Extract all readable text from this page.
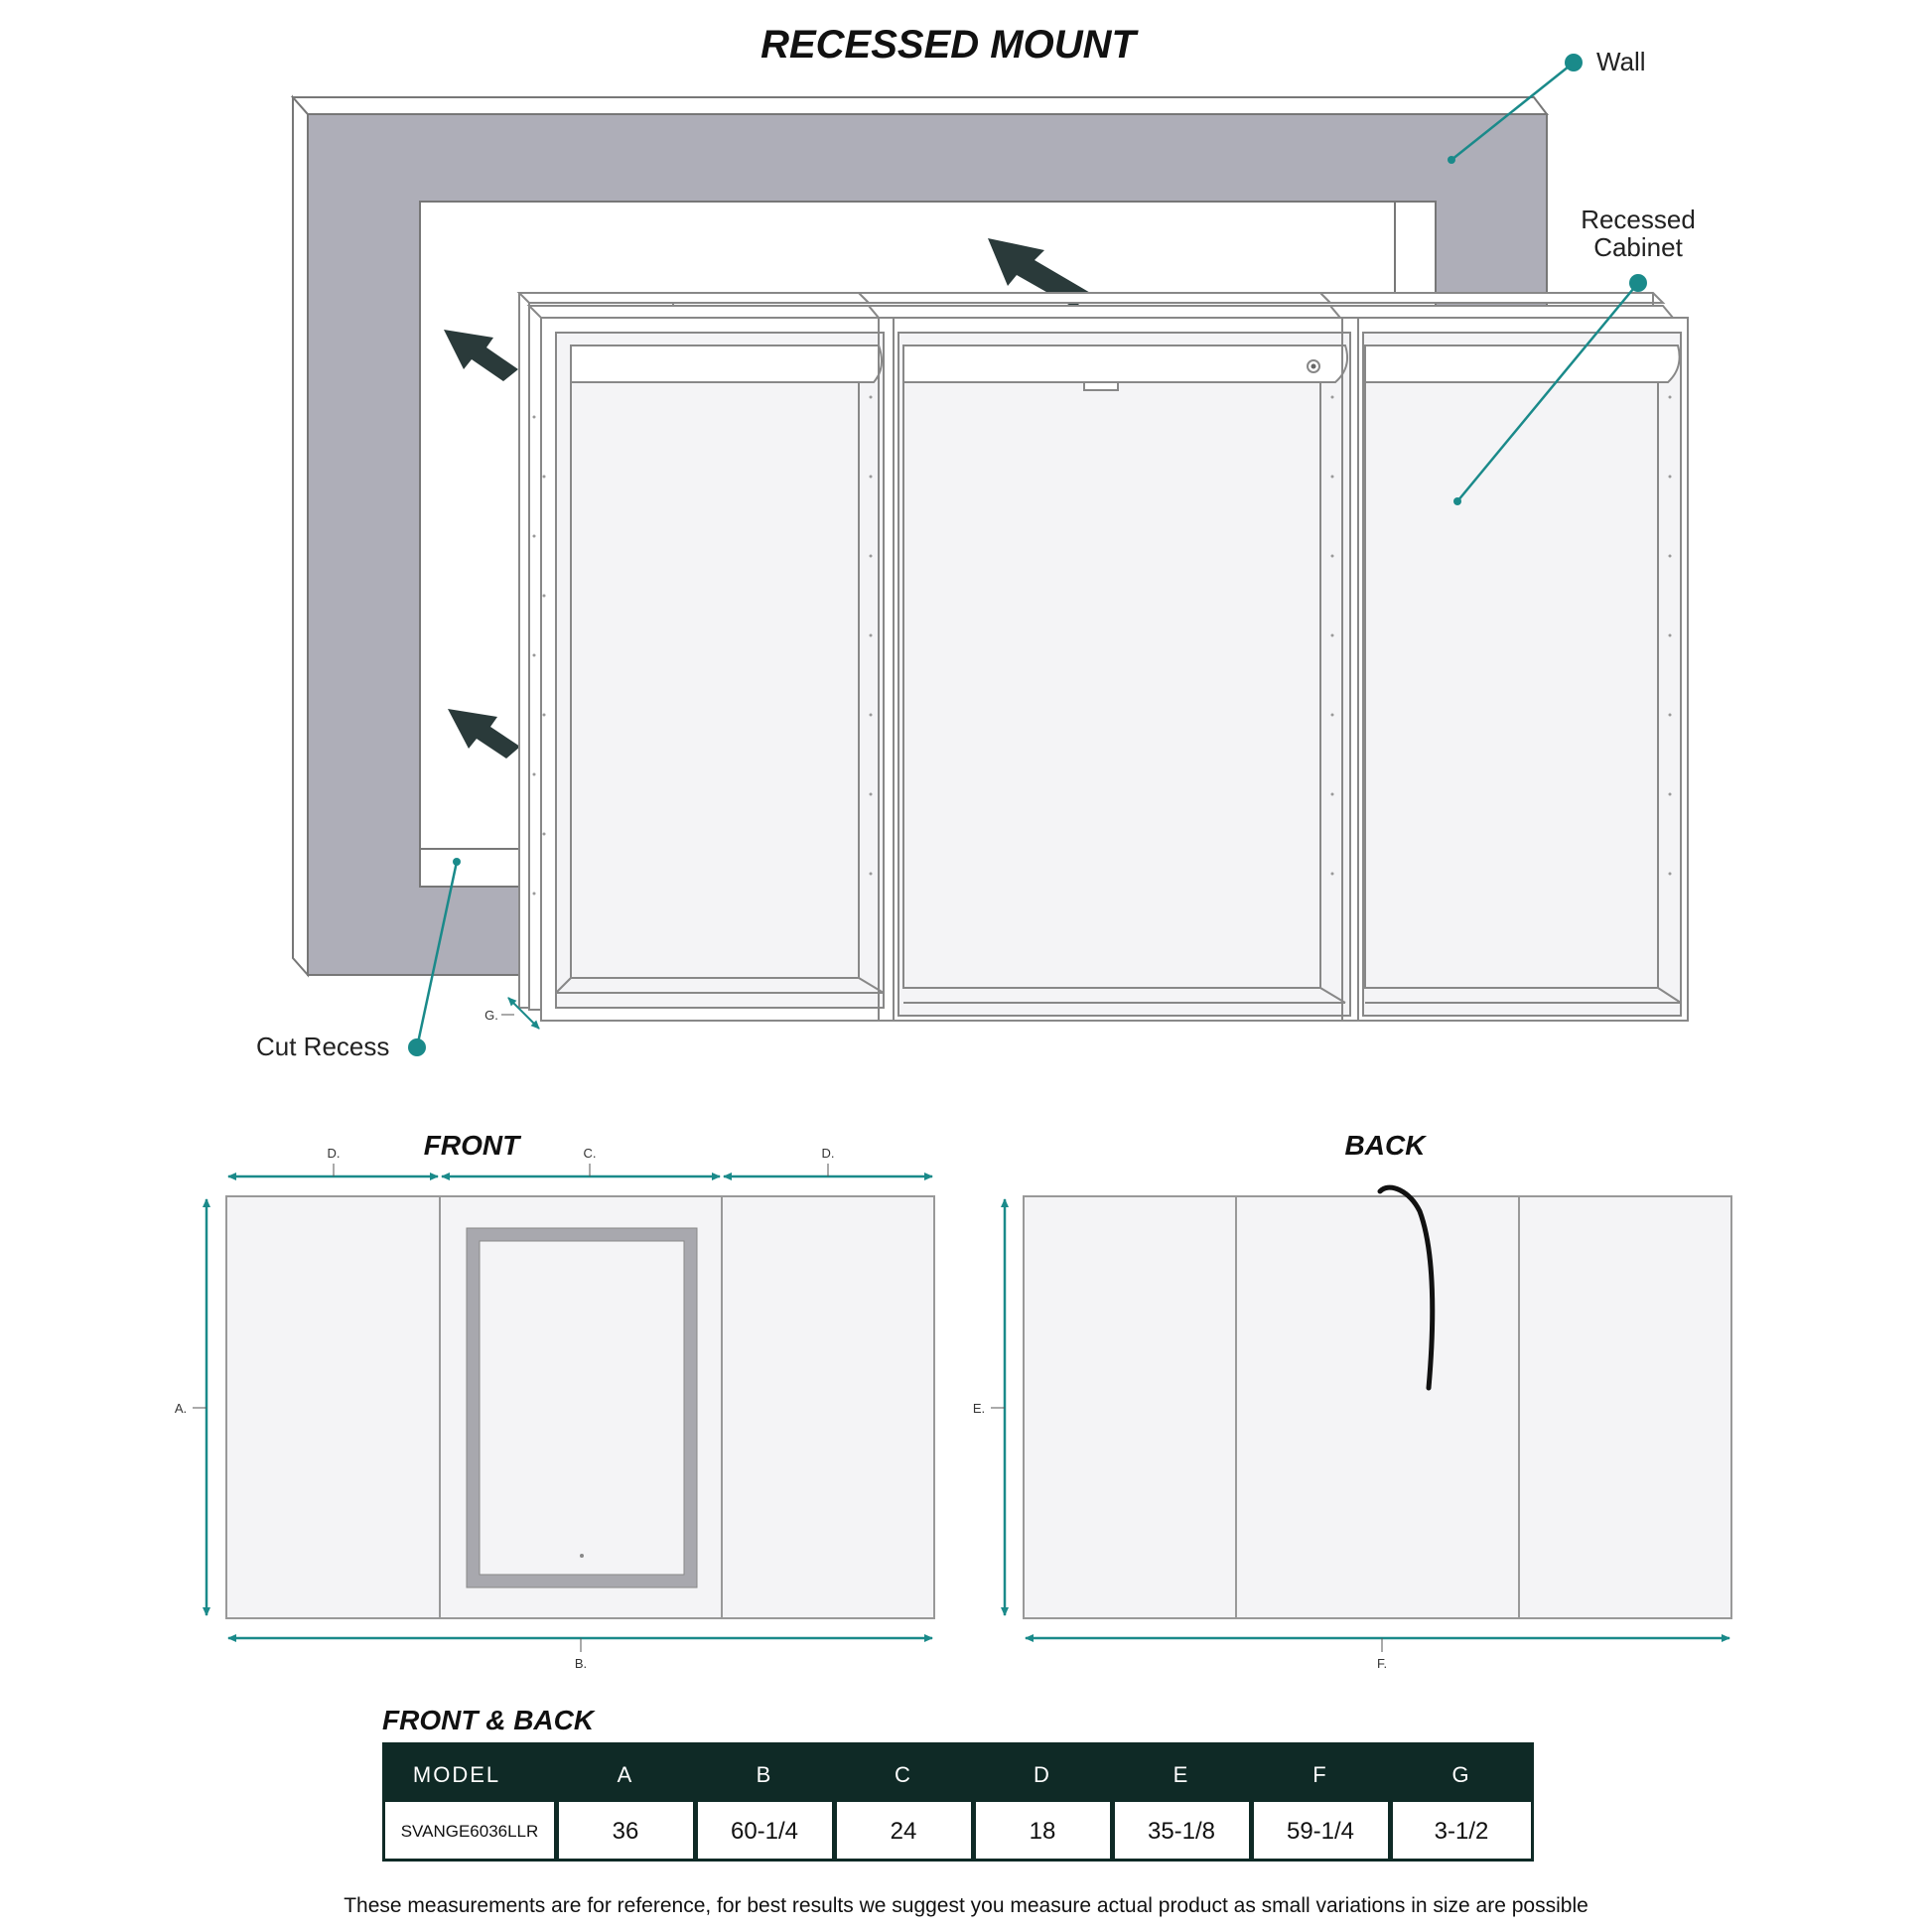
RECESSED MOUNT
G.
Wall
Recessed
Cabinet
Cut Recess
FRONT
D.	C.	D.
A.
B.
BACK
E.
F.
FRONT & BACK
MODEL	A	B	C	D	E	F	G
SVANGE6036LLR	36	60-1/4	24	18	35-1/8	59-1/4	3-1/2
These measurements are for reference, for best results we suggest you measure actual product as small variations in size are possible
